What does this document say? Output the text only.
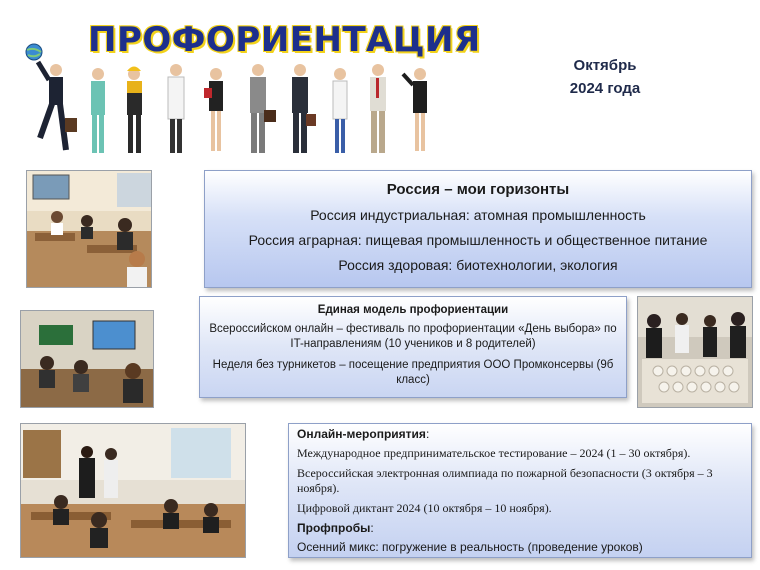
ПРОФОРИЕНТАЦИЯ
Октябрь
2024 года
Россия – мои горизонты
Россия индустриальная: атомная промышленность
Россия аграрная: пищевая промышленность и общественное питание
Россия здоровая: биотехнологии, экология
Единая модель профориентации
Всероссийском онлайн – фестиваль по профориентации «День выбора» по IT-направлениям (10 учеников и 8 родителей)
Неделя без турникетов – посещение предприятия ООО Промконсервы (9б класс)
Онлайн-мероприятия:
Международное предпринимательское тестирование – 2024 (1 – 30 октября).
Всероссийская электронная олимпиада по пожарной безопасности (3 октября – 3 ноября).
Цифровой диктант 2024 (10 октября – 10 ноября).
Профпробы:
Осенний микс: погружение в реальность (проведение уроков)
